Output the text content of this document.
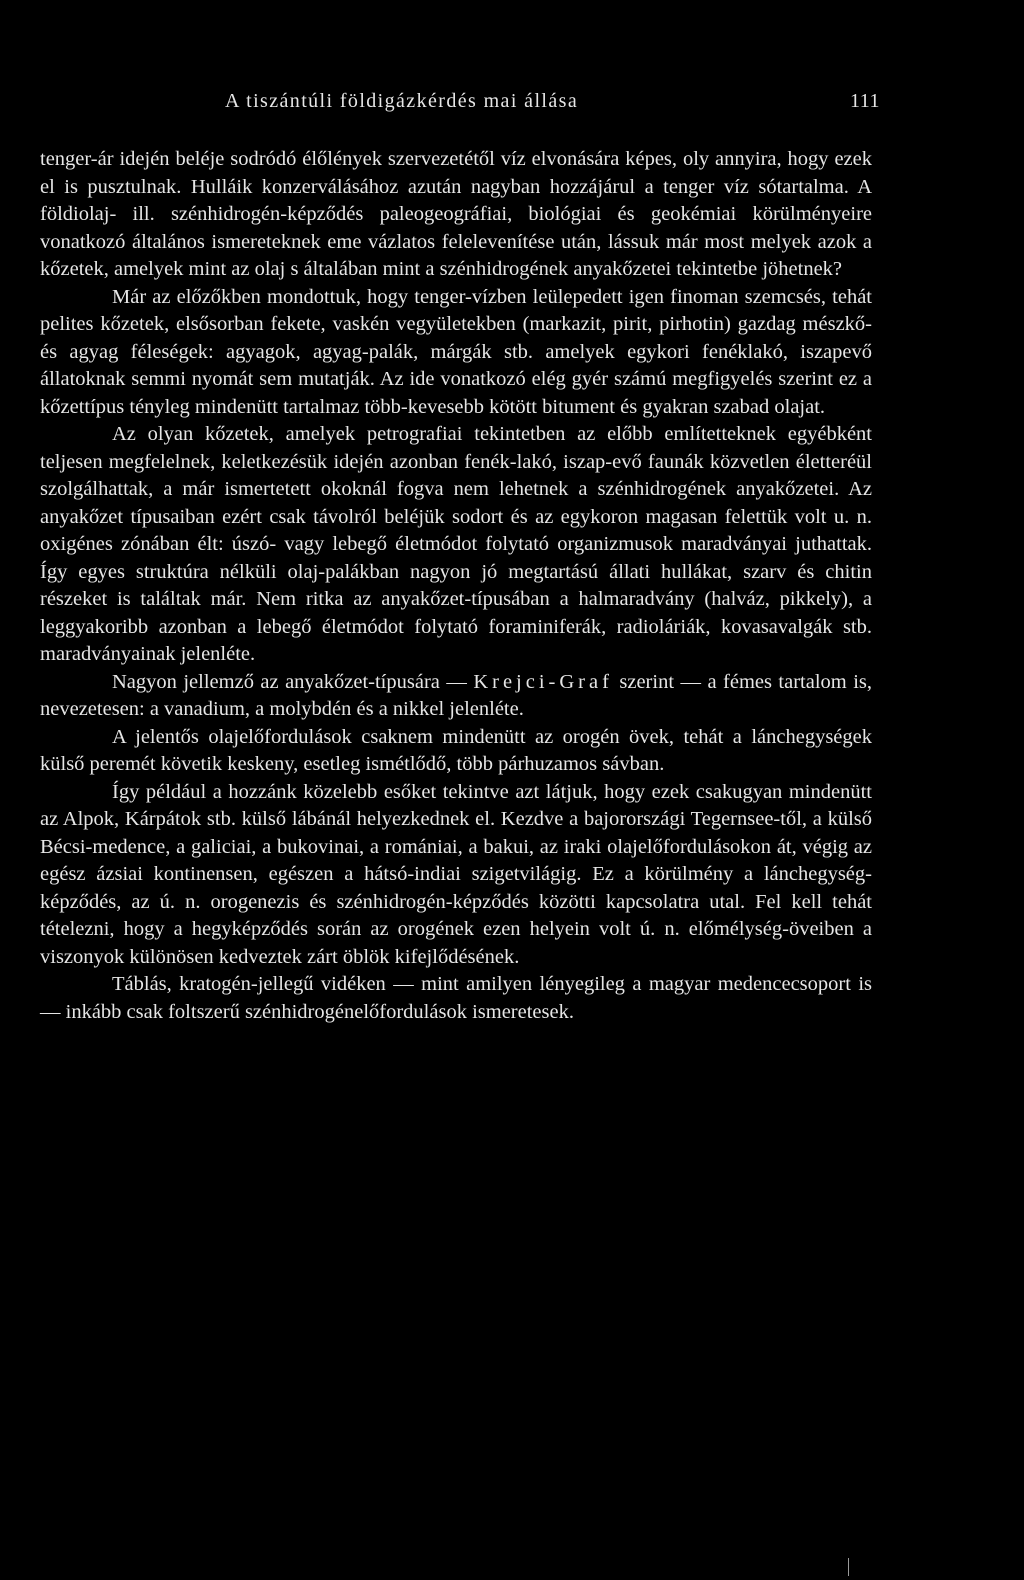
A tiszántúli földigázkérdés mai állása	111

tenger-ár idején beléje sodródó élőlények szervezetétől víz elvonására képes, oly annyira, hogy ezek el is pusztulnak. Hulláik konzerválásához azután nagyban hozzájárul a tenger víz sótartalma. A földiolaj- ill. szénhidrogén-képződés paleogeográfiai, biológiai és geokémiai körülményeire vonatkozó általános ismereteknek eme vázlatos felelevenítése után, lássuk már most melyek azok a kőzetek, amelyek mint az olaj s általában mint a szénhidrogének anyakőzetei tekintetbe jöhetnek?

Már az előzőkben mondottuk, hogy tenger-vízben leülepedett igen finoman szemcsés, tehát pelites kőzetek, elsősorban fekete, vaskén vegyületekben (markazit, pirit, pirhotin) gazdag mészkő- és agyag féleségek: agyagok, agyag-palák, márgák stb. amelyek egykori fenéklakó, iszapevő állatoknak semmi nyomát sem mutatják. Az ide vonatkozó elég gyér számú megfigyelés szerint ez a kőzettípus tényleg mindenütt tartalmaz több-kevesebb kötött bitument és gyakran szabad olajat.

Az olyan kőzetek, amelyek petrografiai tekintetben az előbb említetteknek egyébként teljesen megfelelnek, keletkezésük idején azonban fenék-lakó, iszap-evő faunák közvetlen életteréül szolgálhattak, a már ismertetett okoknál fogva nem lehetnek a szénhidrogének anyakőzetei. Az anyakőzet típusaiban ezért csak távolról beléjük sodort és az egykoron magasan felettük volt u. n. oxigénes zónában élt: úszó- vagy lebegő életmódot folytató organizmusok maradványai juthattak. Így egyes struktúra nélküli olaj-palákban nagyon jó megtartású állati hullákat, szarv és chitin részeket is találtak már. Nem ritka az anyakőzet-típusában a halmaradvány (halváz, pikkely), a leggyakoribb azonban a lebegő életmódot folytató foraminiferák, radioláriák, kovasavalgák stb. maradványainak jelenléte.

Nagyon jellemző az anyakőzet-típusára — Krejci-Graf szerint — a fémes tartalom is, nevezetesen: a vanadium, a molybdén és a nikkel jelenléte.

A jelentős olajelőfordulások csaknem mindenütt az orogén övek, tehát a lánchegységek külső peremét követik keskeny, esetleg ismétlődő, több párhuzamos sávban.

Így például a hozzánk közelebb esőket tekintve azt látjuk, hogy ezek csakugyan mindenütt az Alpok, Kárpátok stb. külső lábánál helyezkednek el. Kezdve a bajorországi Tegernsee-től, a külső Bécsi-medence, a galiciai, a bukovinai, a romániai, a bakui, az iraki olajelőfordulásokon át, végig az egész ázsiai kontinensen, egészen a hátsó-indiai szigetvilágig. Ez a körülmény a lánchegységképződés, az ú. n. orogenezis és szénhidrogén-képződés közötti kapcsolatra utal. Fel kell tehát tételezni, hogy a hegyképződés során az orogének ezen helyein volt ú. n. előmélység-öveiben a viszonyok különösen kedveztek zárt öblök kifejlődésének.

Táblás, kratogén-jellegű vidéken — mint amilyen lényegileg a magyar medencecsoport is — inkább csak foltszerű szénhidrogénelőfordulások ismeretesek.
